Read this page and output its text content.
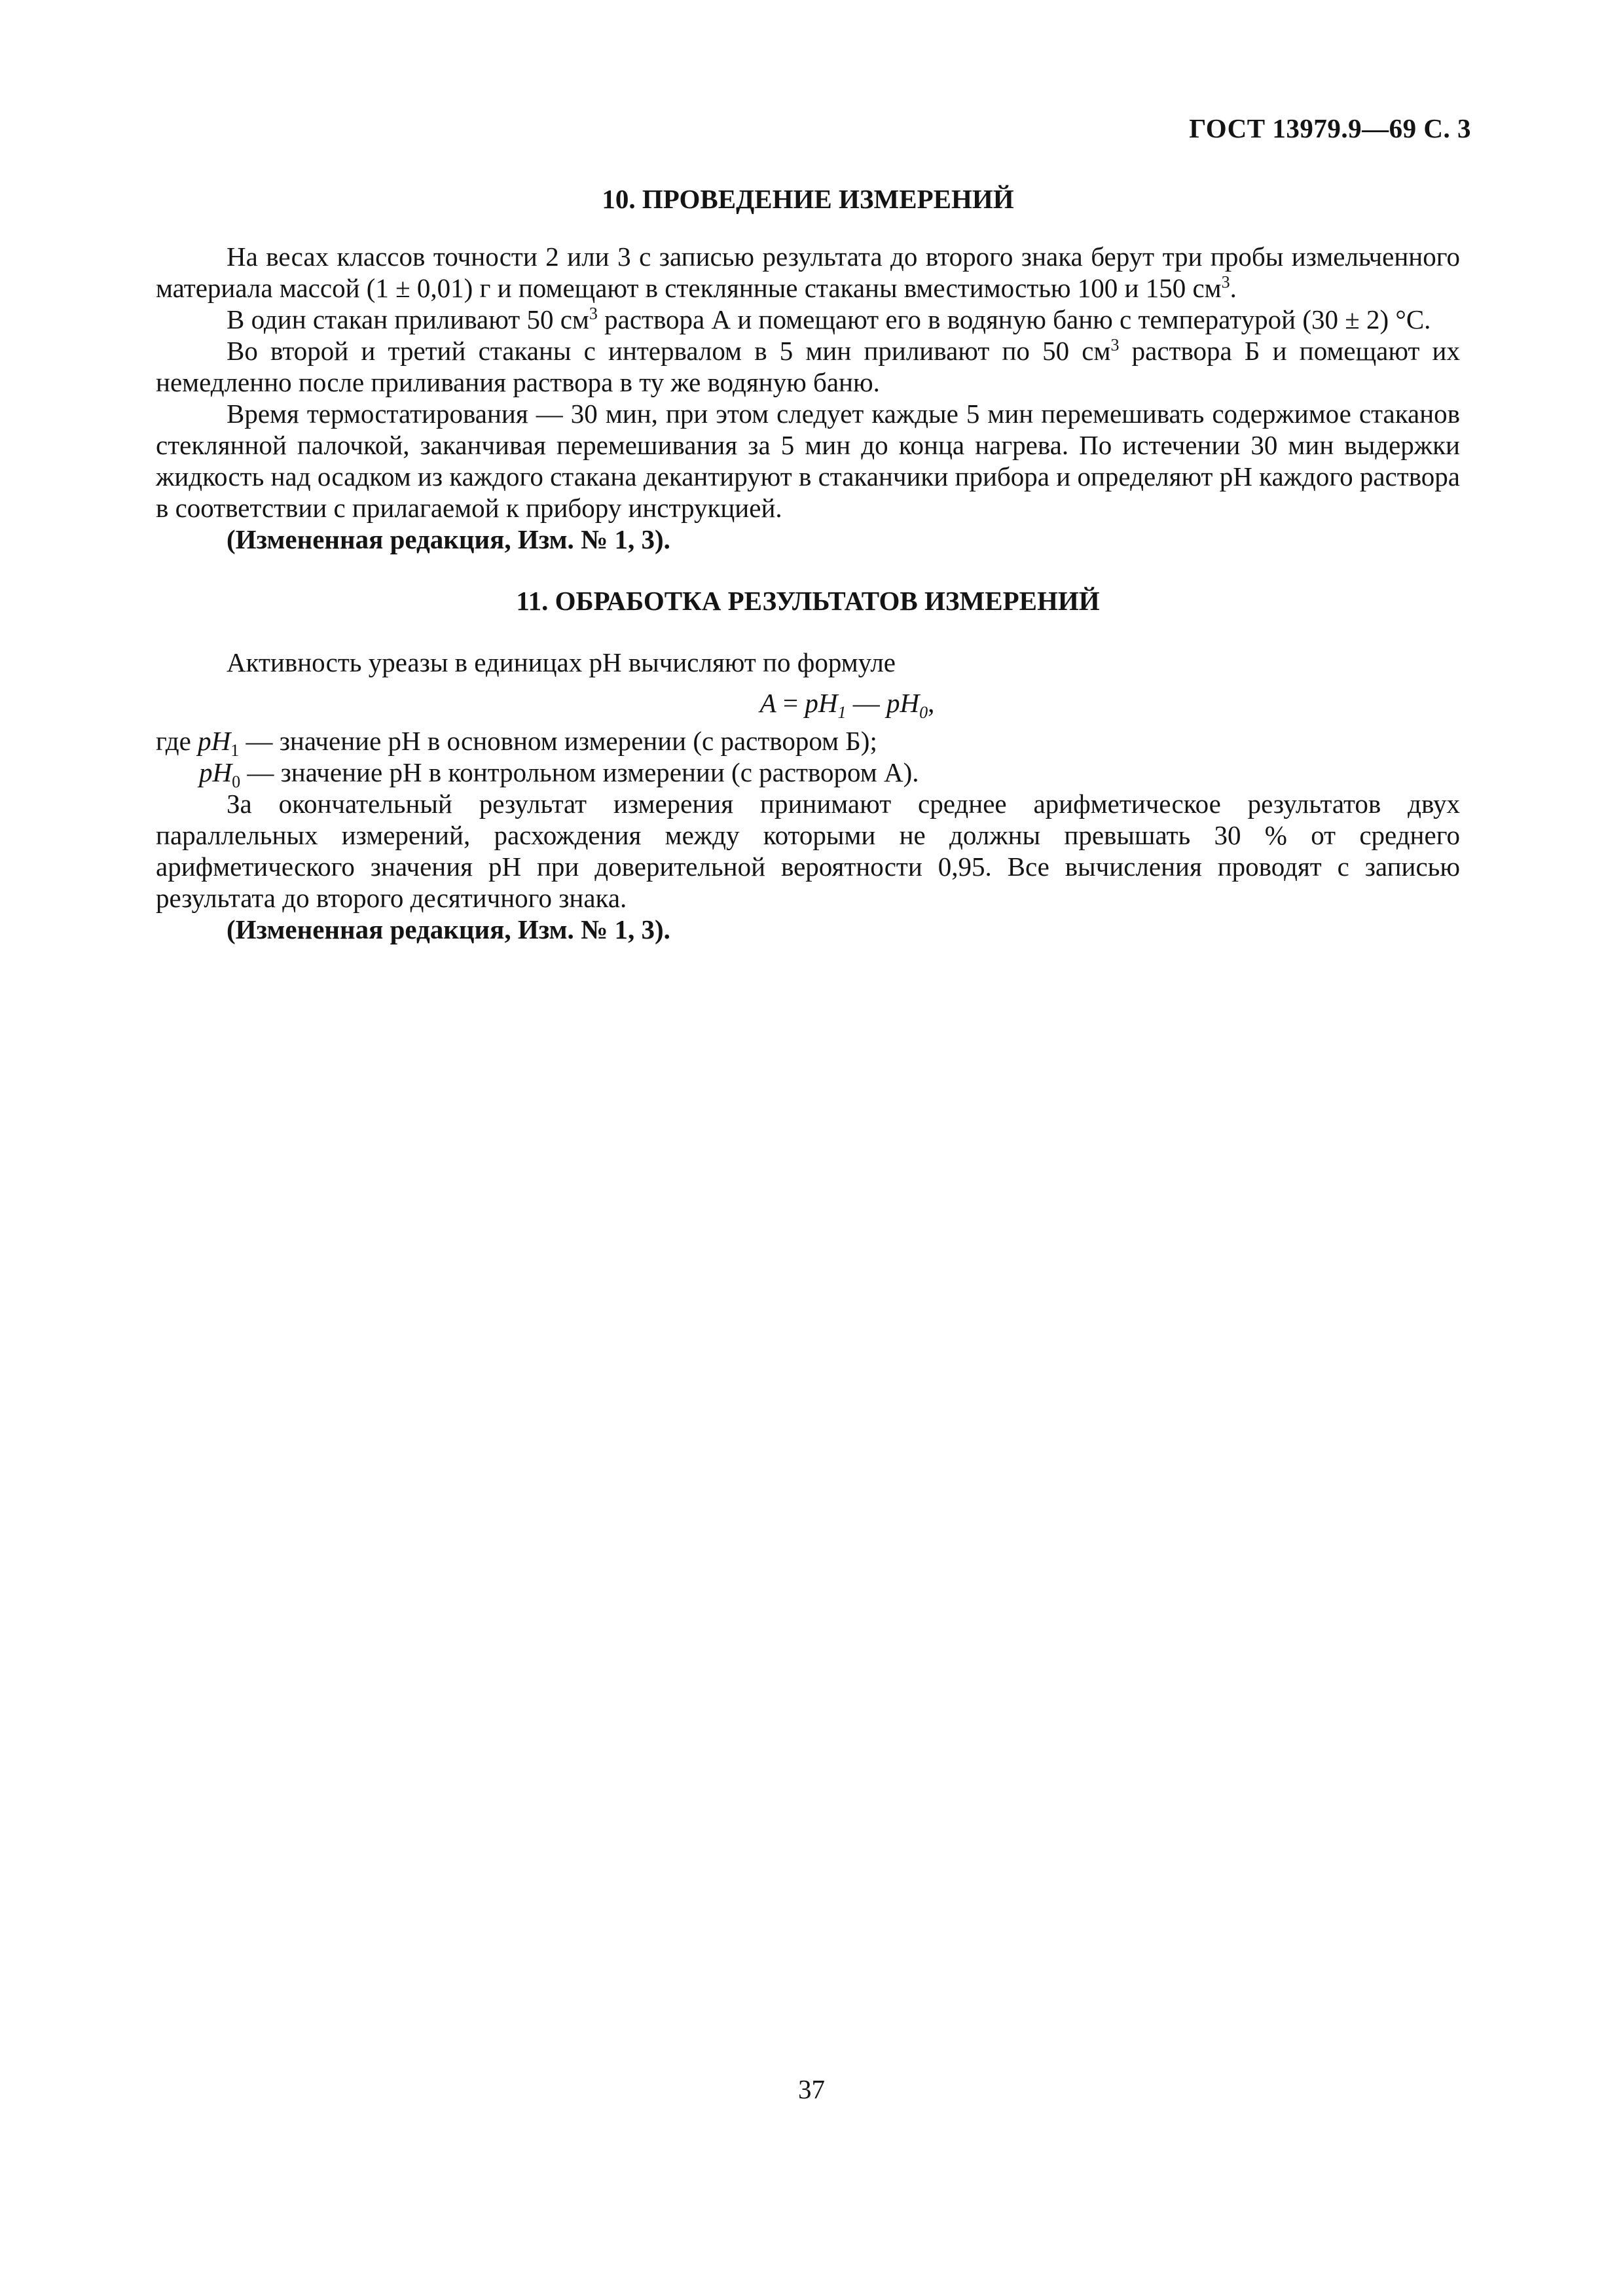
ГОСТ 13979.9—69 С. 3
10. ПРОВЕДЕНИЕ ИЗМЕРЕНИЙ

На весах классов точности 2 или 3 с записью результата до второго знака берут три пробы измельченного материала массой (1 ± 0,01) г и помещают в стеклянные стаканы вместимостью 100 и 150 $см^3$.

В один стакан приливают 50 $см^3$ раствора А и помещают его в водяную баню с температурой (30 ± 2) °С.

Во второй и третий стаканы с интервалом в 5 мин приливают по 50 $см^3$ раствора Б и помещают их немедленно после приливания раствора в ту же водяную баню.

Время термостатирования — 30 мин, при этом следует каждые 5 мин перемешивать содержимое стаканов стеклянной палочкой, заканчивая перемешивания за 5 мин до конца нагрева. По истечении 30 мин выдержки жидкость над осадком из каждого стакана декантируют в стаканчики прибора и определяют pH каждого раствора в соответствии с прилагаемой к прибору инструкцией.

(Измененная редакция, Изм. № 1, 3).

11. ОБРАБОТКА РЕЗУЛЬТАТОВ ИЗМЕРЕНИЙ

Активность уреазы в единицах pH вычисляют по формуле

$A = pH_1$ — $pH_0$,

где $pH_1$ — значение pH в основном измерении (с раствором Б);

$pH_0$ — значение pH в контрольном измерении (с раствором А).

За окончательный результат измерения принимают среднее арифметическое результатов двух параллельных измерений, расхождения между которыми не должны превышать 30 % от среднего арифметического значения pH при доверительной вероятности 0,95. Все вычисления проводят с записью результата до второго десятичного знака.

(Измененная редакция, Изм. № 1, 3).

37
